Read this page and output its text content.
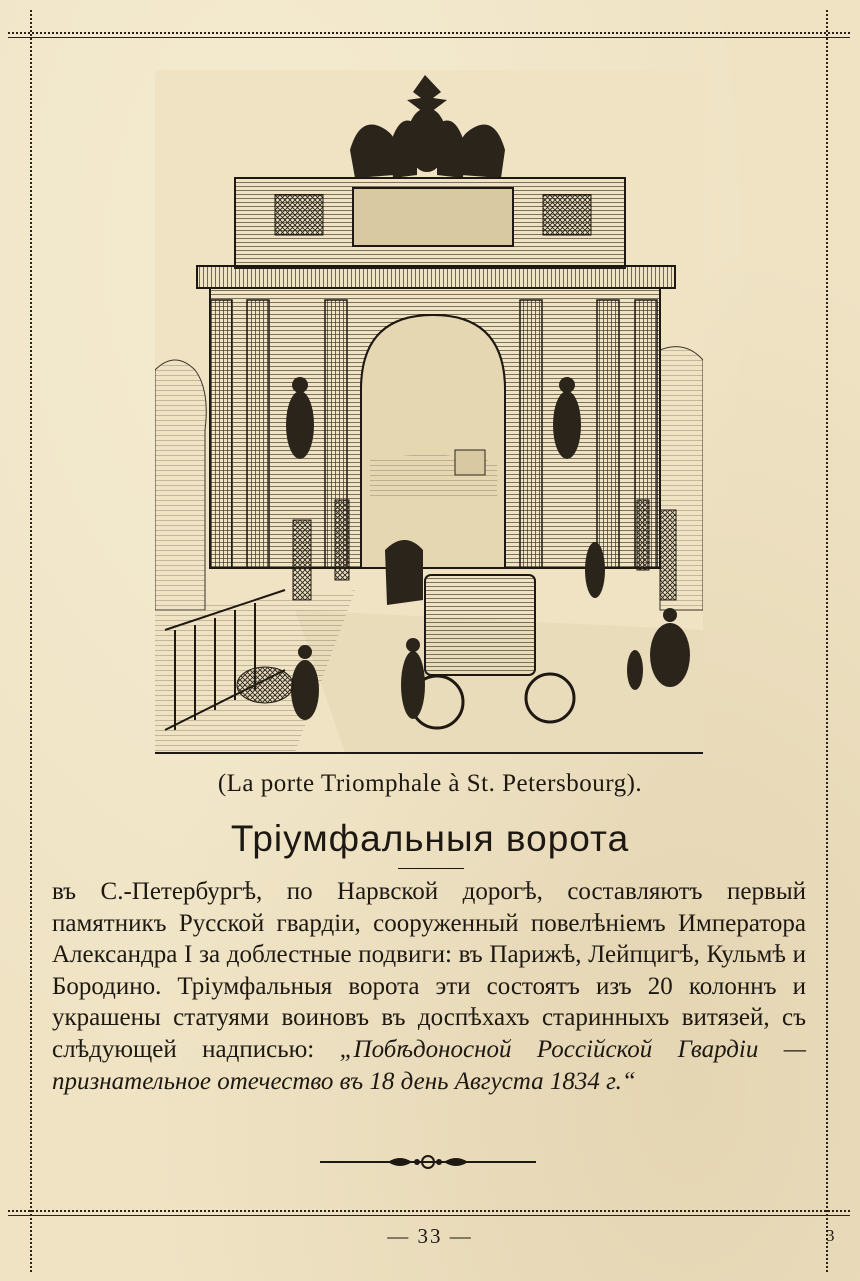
(La porte Triomphale à St. Petersbourg).
Тріумфальныя ворота
въ С.-Петербургѣ, по Нарвской дорогѣ, составляютъ первый памятникъ Русской гвардіи, сооруженный повелѣніемъ Императора Александра I за доблестные подвиги: въ Парижѣ, Лейпцигѣ, Кульмѣ и Бородино. Тріумфальныя ворота эти состоятъ изъ 20 колоннъ и украшены статуями воиновъ въ доспѣхахъ старинныхъ витязей, съ слѣдующей надписью: „Побѣдоносной Россійской Гвардіи — признательное отечество въ 18 день Августа 1834 г.“
— 33 —	3
